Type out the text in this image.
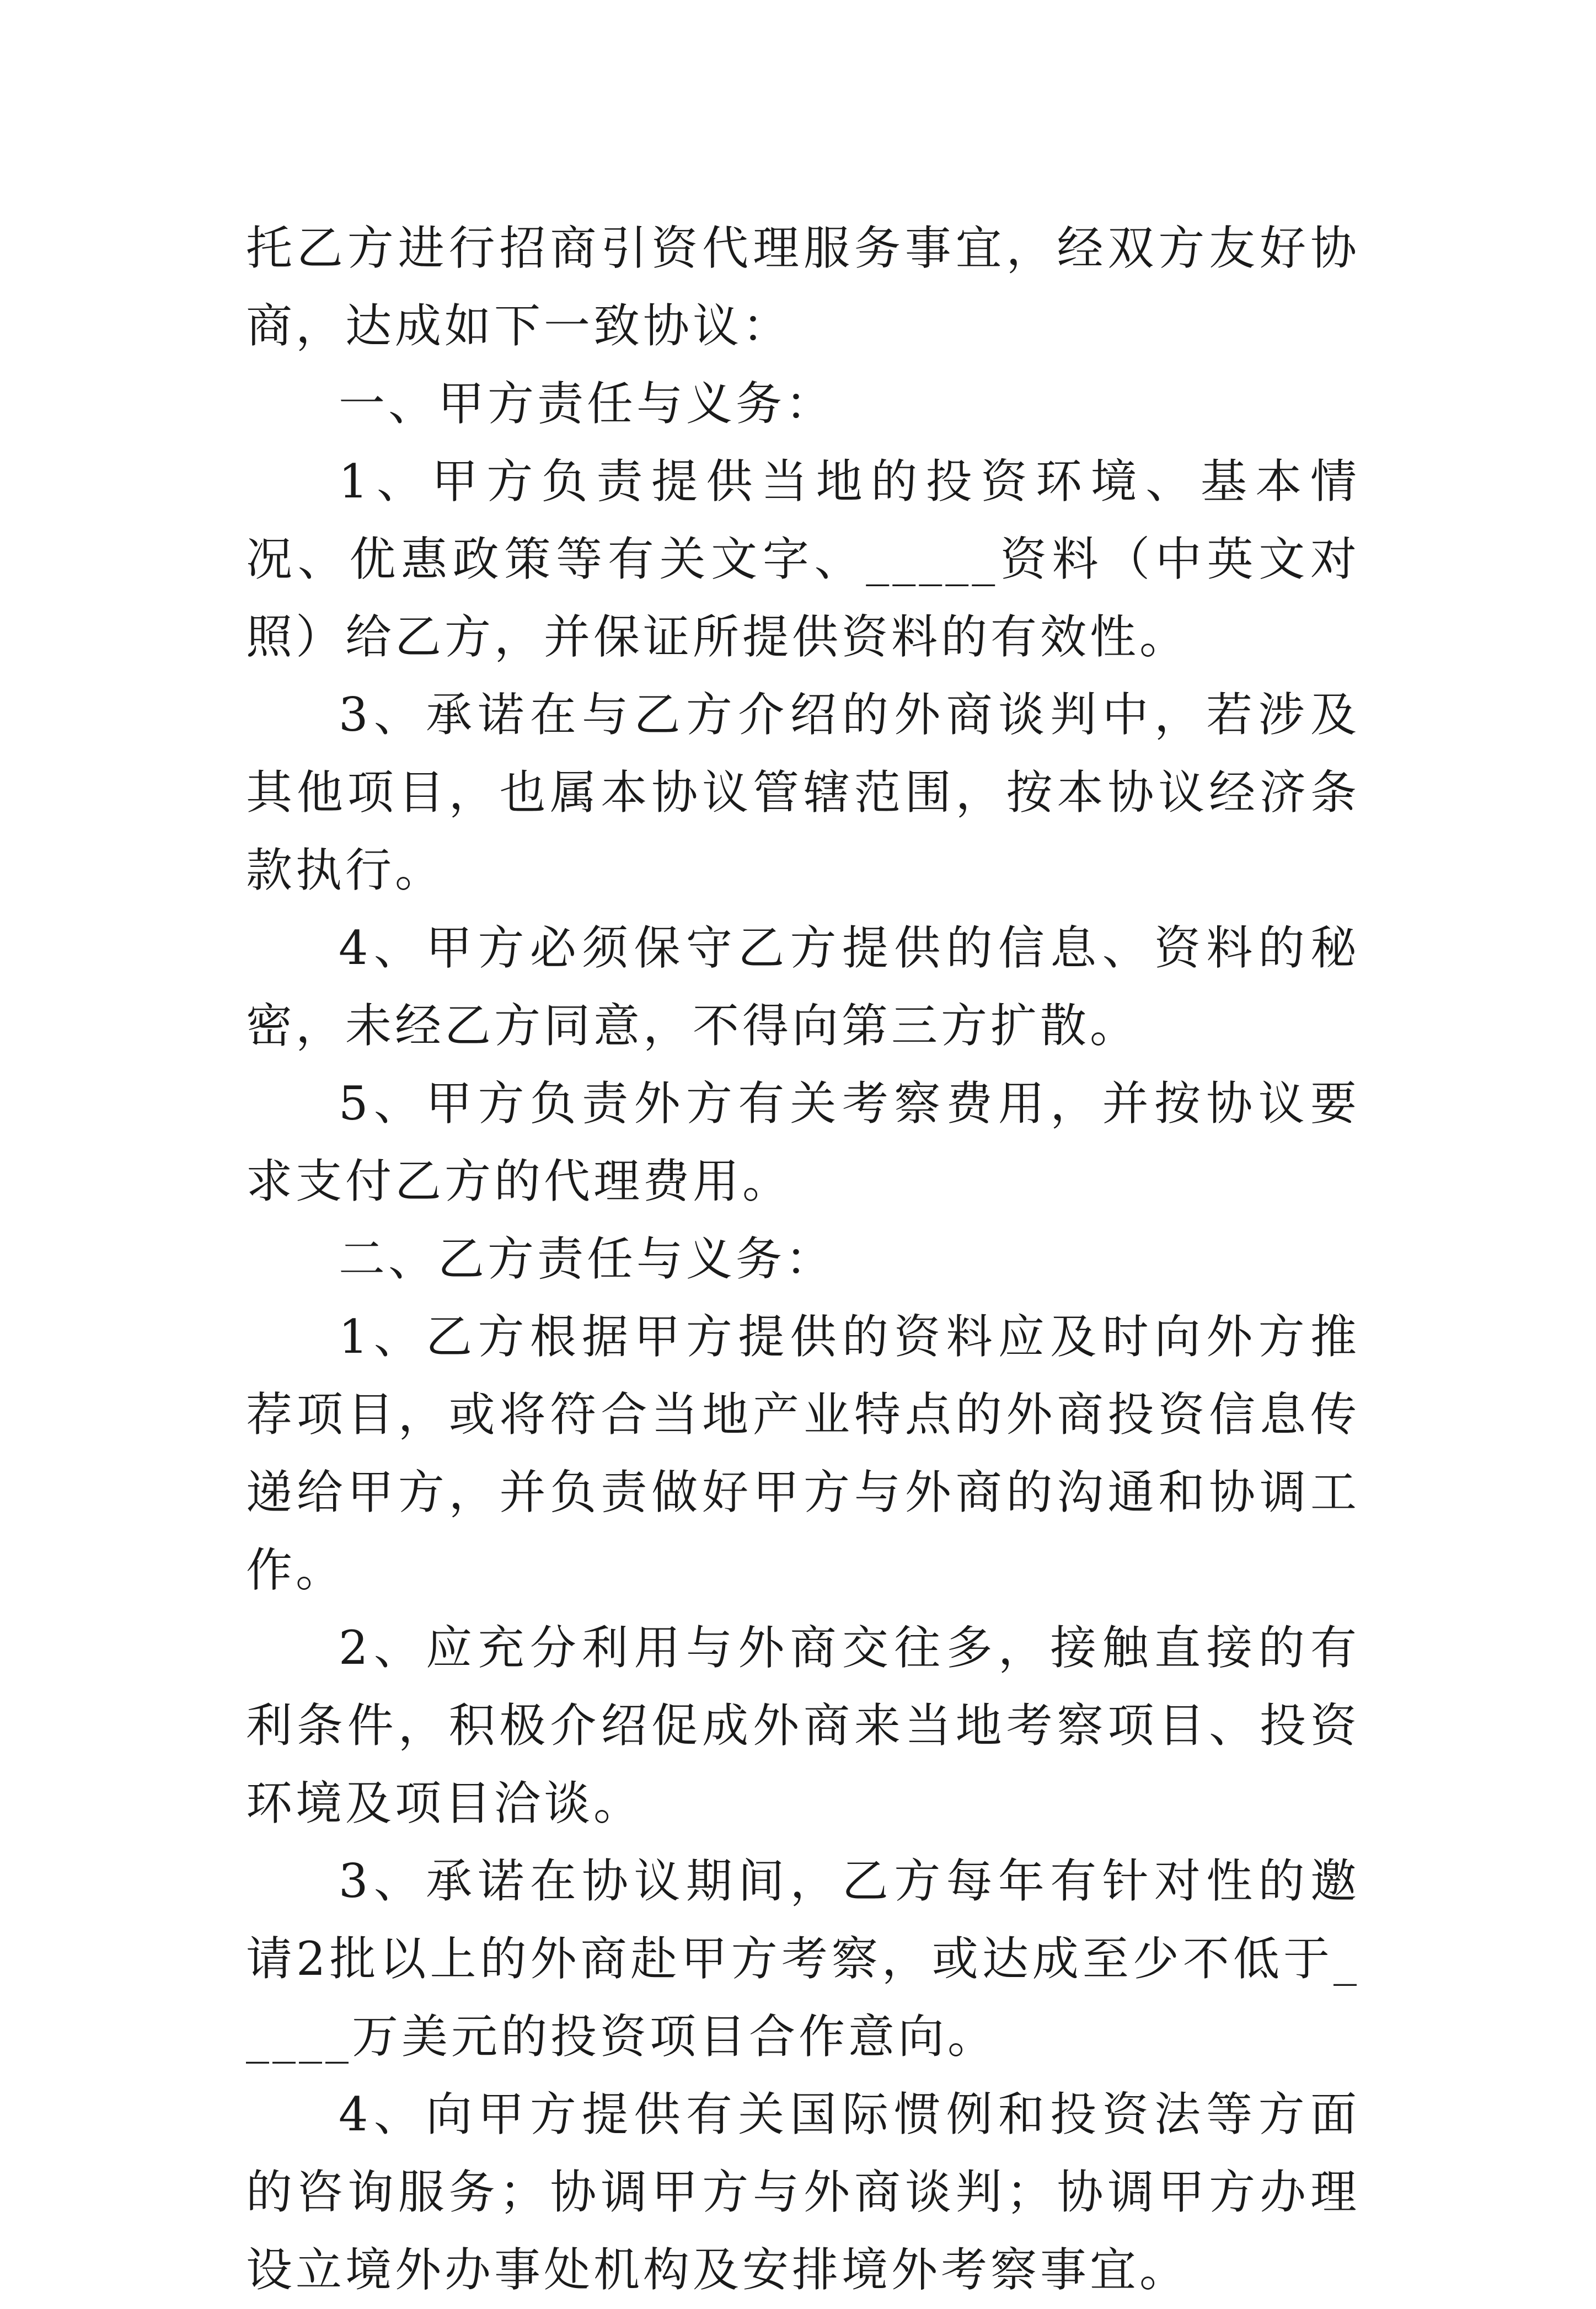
托乙方进行招商引资代理服务事宜，经双方友好协商，达成如下一致协议：

一、甲方责任与义务：

1、甲方负责提供当地的投资环境、基本情况、优惠政策等有关文字、_____资料（中英文对照）给乙方，并保证所提供资料的有效性。

3、承诺在与乙方介绍的外商谈判中，若涉及其他项目，也属本协议管辖范围，按本协议经济条款执行。

4、甲方必须保守乙方提供的信息、资料的秘密，未经乙方同意，不得向第三方扩散。

5、甲方负责外方有关考察费用，并按协议要求支付乙方的代理费用。

二、乙方责任与义务：

1、乙方根据甲方提供的资料应及时向外方推荐项目，或将符合当地产业特点的外商投资信息传递给甲方，并负责做好甲方与外商的沟通和协调工作。

2、应充分利用与外商交往多，接触直接的有利条件，积极介绍促成外商来当地考察项目、投资环境及项目洽谈。

3、承诺在协议期间，乙方每年有针对性的邀请2批以上的外商赴甲方考察，或达成至少不低于_____万美元的投资项目合作意向。

4、向甲方提供有关国际惯例和投资法等方面的咨询服务；协调甲方与外商谈判；协调甲方办理设立境外办事处机构及安排境外考察事宜。
